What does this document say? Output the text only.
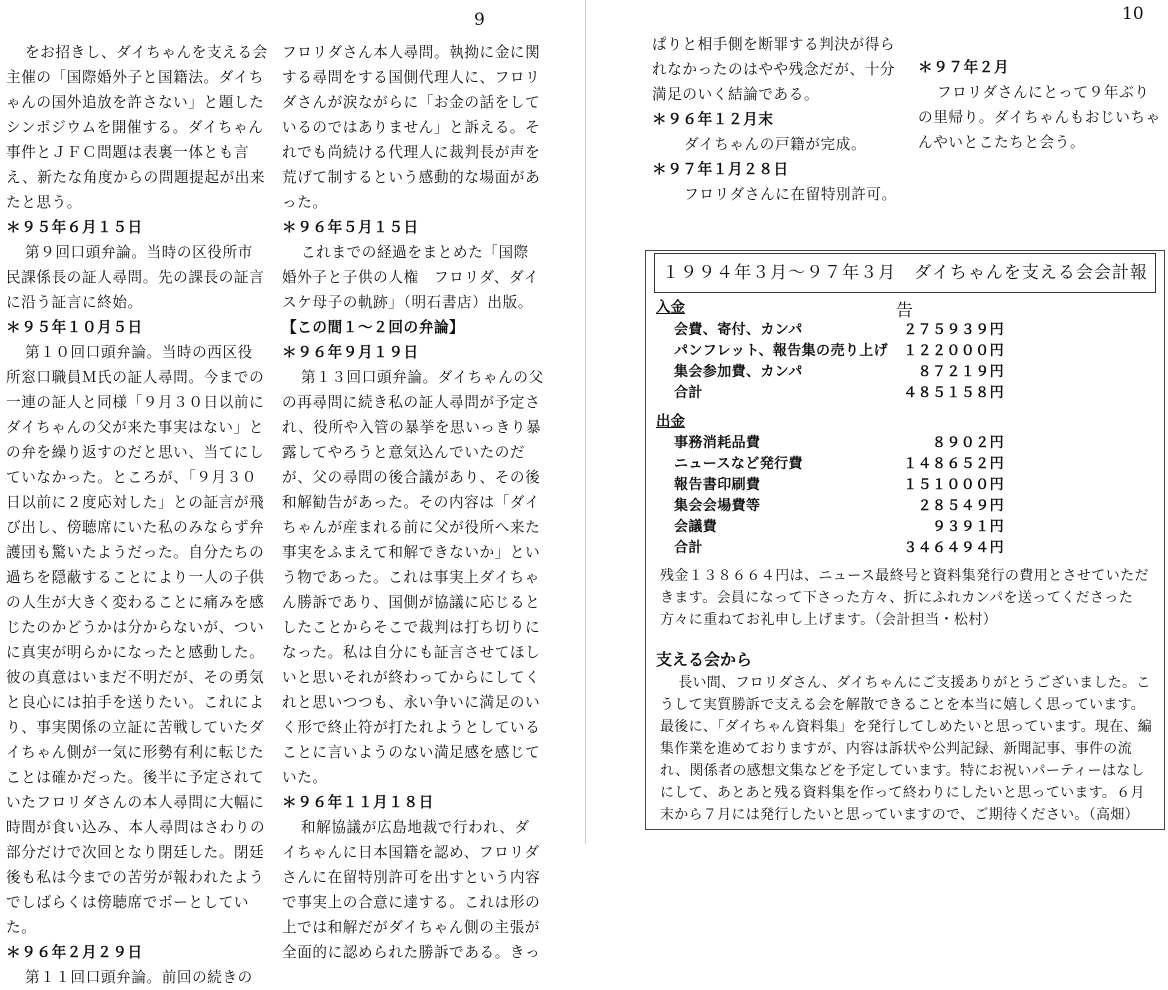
9	10

をお招きし、ダイちゃんを支える会主催の「国際婚外子と国籍法。ダイちゃんの国外追放を許さない」と題したシンポジウムを開催する。ダイちゃん事件とＪＦＣ問題は表裏一体とも言え、新たな角度からの問題提起が出来たと思う。

＊９５年６月１５日

第９回口頭弁論。当時の区役所市民課係長の証人尋問。先の課長の証言に沿う証言に終始。

＊９５年１０月５日

第１０回口頭弁論。当時の西区役所窓口職員Ｍ氏の証人尋問。今までの一連の証人と同様「９月３０日以前にダイちゃんの父が来た事実はない」との弁を繰り返すのだと思い、当てにしていなかった。ところが、「９月３０日以前に２度応対した」との証言が飛び出し、傍聴席にいた私のみならず弁護団も驚いたようだった。自分たちの過ちを隠蔽することにより一人の子供の人生が大きく変わることに痛みを感じたのかどうかは分からないが、ついに真実が明らかになったと感動した。彼の真意はいまだ不明だが、その勇気と良心には拍手を送りたい。これにより、事実関係の立証に苦戦していたダイちゃん側が一気に形勢有利に転じたことは確かだった。後半に予定されていたフロリダさんの本人尋問に大幅に時間が食い込み、本人尋問はさわりの部分だけで次回となり閉廷した。閉廷後も私は今までの苦労が報われたようでしばらくは傍聴席でボーとしていた。

＊９６年２月２９日

第１１回口頭弁論。前回の続きの

フロリダさん本人尋問。執拗に金に関する尋問をする国側代理人に、フロリダさんが涙ながらに「お金の話をしているのではありません」と訴える。それでも尚続ける代理人に裁判長が声を荒げて制するという感動的な場面があった。

＊９６年５月１５日

これまでの経過をまとめた「国際婚外子と子供の人権　フロリダ、ダイスケ母子の軌跡」（明石書店）出版。

【この間１～２回の弁論】

＊９６年９月１９日

第１３回口頭弁論。ダイちゃんの父の再尋問に続き私の証人尋問が予定され、役所や入管の暴挙を思いっきり暴露してやろうと意気込んでいたのだが、父の尋問の後合議があり、その後和解勧告があった。その内容は「ダイちゃんが産まれる前に父が役所へ来た事実をふまえて和解できないか」という物であった。これは事実上ダイちゃん勝訴であり、国側が協議に応じるとしたことからそこで裁判は打ち切りになった。私は自分にも証言させてほしいと思いそれが終わってからにしてくれと思いつつも、永い争いに満足のいく形で終止符が打たれようとしていることに言いようのない満足感を感じていた。

＊９６年１１月１８日

和解協議が広島地裁で行われ、ダイちゃんに日本国籍を認め、フロリダさんに在留特別許可を出すという内容で事実上の合意に達する。これは形の上では和解だがダイちゃん側の主張が全面的に認められた勝訴である。きっ

ぱりと相手側を断罪する判決が得られなかったのはやや残念だが、十分満足のいく結論である。

＊９６年１２月末

ダイちゃんの戸籍が完成。

＊９７年１月２８日

フロリダさんに在留特別許可。

＊９７年２月

フロリダさんにとって９年ぶりの里帰り。ダイちゃんもおじいちゃんやいとこたちと会う。

１９９４年３月～９７年３月　ダイちゃんを支える会会計報告
入金
会費、寄付、カンパ	２７５９３９円
パンフレット、報告集の売り上げ １２２０００円
集会参加費、カンパ	８７２１９円
合計	４８５１５８円
出金
事務消耗品費	８９０２円
ニュースなど発行費	１４８６５２円
報告書印刷費	１５１０００円
集会会場費等	２８５４９円
会議費	９３９１円
合計	３４６４９４円
残金１３８６６４円は、ニュース最終号と資料集発行の費用とさせていただきます。会員になって下さった方々、折にふれカンパを送ってくださった方々に重ねてお礼申し上げます。（会計担当・松村）
支える会から
長い間、フロリダさん、ダイちゃんにご支援ありがとうございました。こうして実質勝訴で支える会を解散できることを本当に嬉しく思っています。最後に、「ダイちゃん資料集」を発行してしめたいと思っています。現在、編集作業を進めておりますが、内容は訴状や公判記録、新聞記事、事件の流れ、関係者の感想文集などを予定しています。特にお祝いパーティーはなしにして、あとあと残る資料集を作って終わりにしたいと思っています。６月末から７月には発行したいと思っていますので、ご期待ください。（高畑）
